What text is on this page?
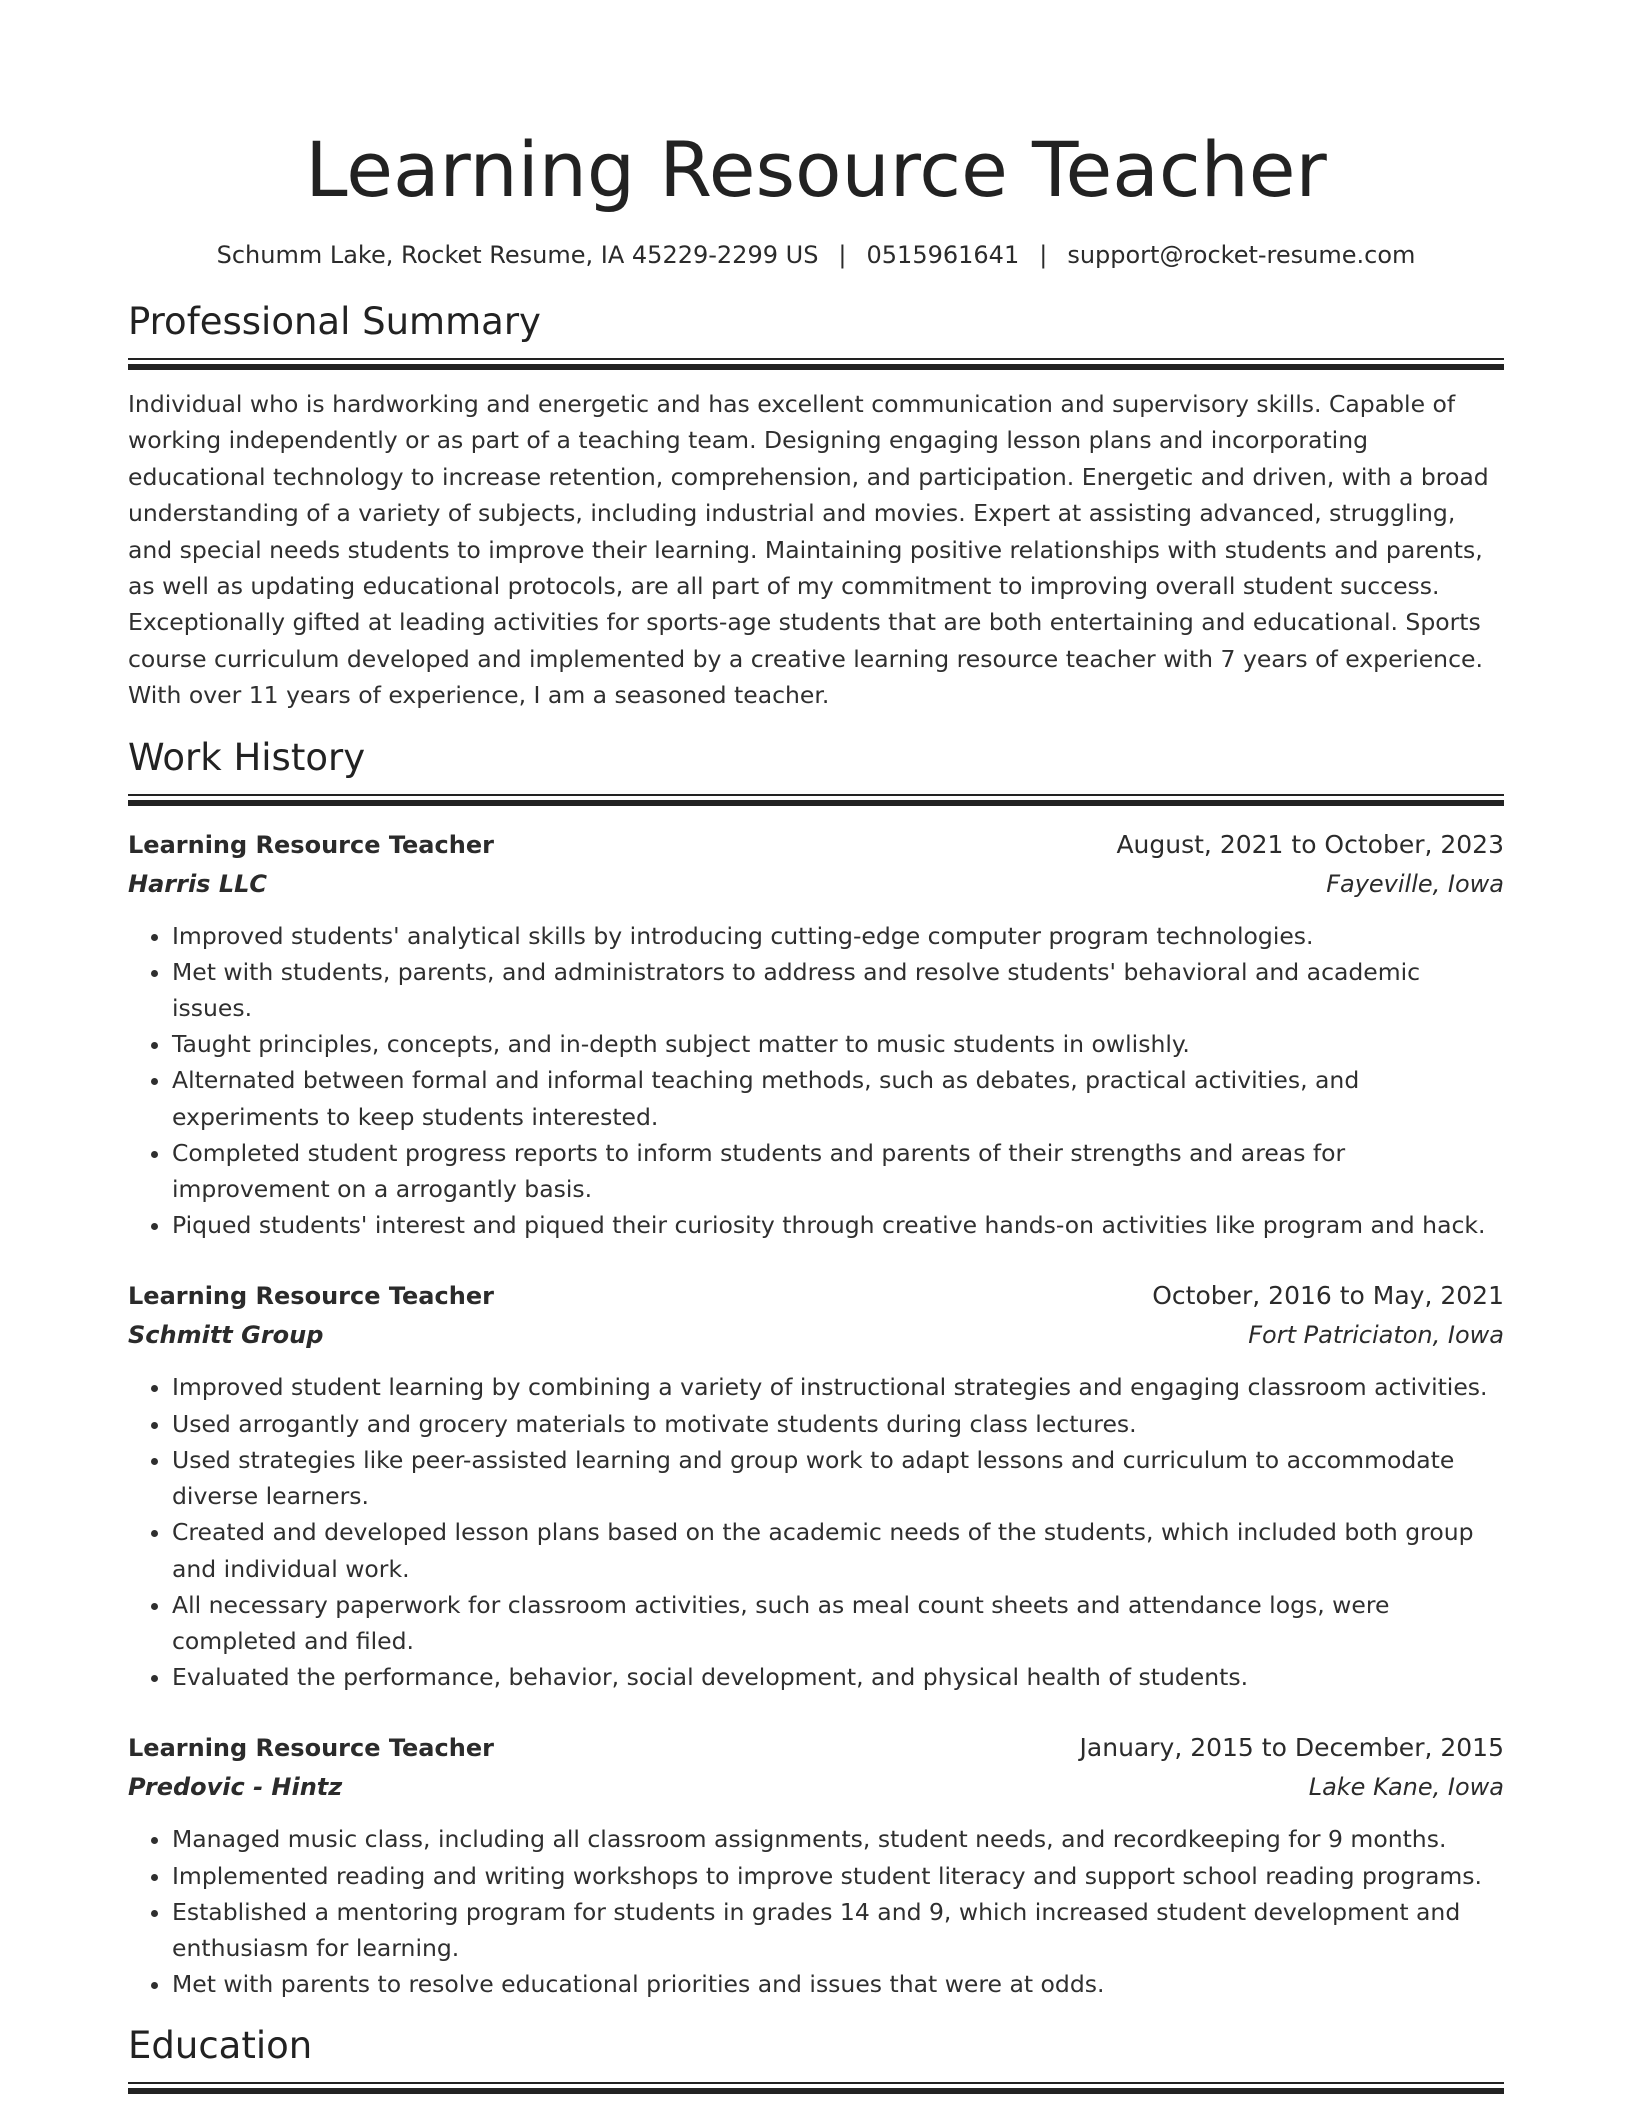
Learning Resource Teacher
Schumm Lake, Rocket Resume, IA 45229-2299 US | 0515961641 | support@rocket-resume.com
Professional Summary

Individual who is hardworking and energetic and has excellent communication and supervisory skills. Capable of working independently or as part of a teaching team. Designing engaging lesson plans and incorporating educational technology to increase retention, comprehension, and participation. Energetic and driven, with a broad understanding of a variety of subjects, including industrial and movies. Expert at assisting advanced, struggling, and special needs students to improve their learning. Maintaining positive relationships with students and parents, as well as updating educational protocols, are all part of my commitment to improving overall student success. Exceptionally gifted at leading activities for sports-age students that are both entertaining and educational. Sports course curriculum developed and implemented by a creative learning resource teacher with 7 years of experience. With over 11 years of experience, I am a seasoned teacher.

Work History
Learning Resource Teacher	August, 2021 to October, 2023
Harris LLC	Fayeville, Iowa
• Improved students' analytical skills by introducing cutting-edge computer program technologies.
• Met with students, parents, and administrators to address and resolve students' behavioral and academic issues.
• Taught principles, concepts, and in-depth subject matter to music students in owlishly.
• Alternated between formal and informal teaching methods, such as debates, practical activities, and experiments to keep students interested.
• Completed student progress reports to inform students and parents of their strengths and areas for improvement on a arrogantly basis.
• Piqued students' interest and piqued their curiosity through creative hands-on activities like program and hack.
Learning Resource Teacher	October, 2016 to May, 2021
Schmitt Group	Fort Patriciaton, Iowa
• Improved student learning by combining a variety of instructional strategies and engaging classroom activities.
• Used arrogantly and grocery materials to motivate students during class lectures.
• Used strategies like peer-assisted learning and group work to adapt lessons and curriculum to accommodate diverse learners.
• Created and developed lesson plans based on the academic needs of the students, which included both group and individual work.
• All necessary paperwork for classroom activities, such as meal count sheets and attendance logs, were completed and filed.
• Evaluated the performance, behavior, social development, and physical health of students.
Learning Resource Teacher	January, 2015 to December, 2015
Predovic - Hintz	Lake Kane, Iowa
• Managed music class, including all classroom assignments, student needs, and recordkeeping for 9 months.
• Implemented reading and writing workshops to improve student literacy and support school reading programs.
• Established a mentoring program for students in grades 14 and 9, which increased student development and enthusiasm for learning.
• Met with parents to resolve educational priorities and issues that were at odds.
Education
